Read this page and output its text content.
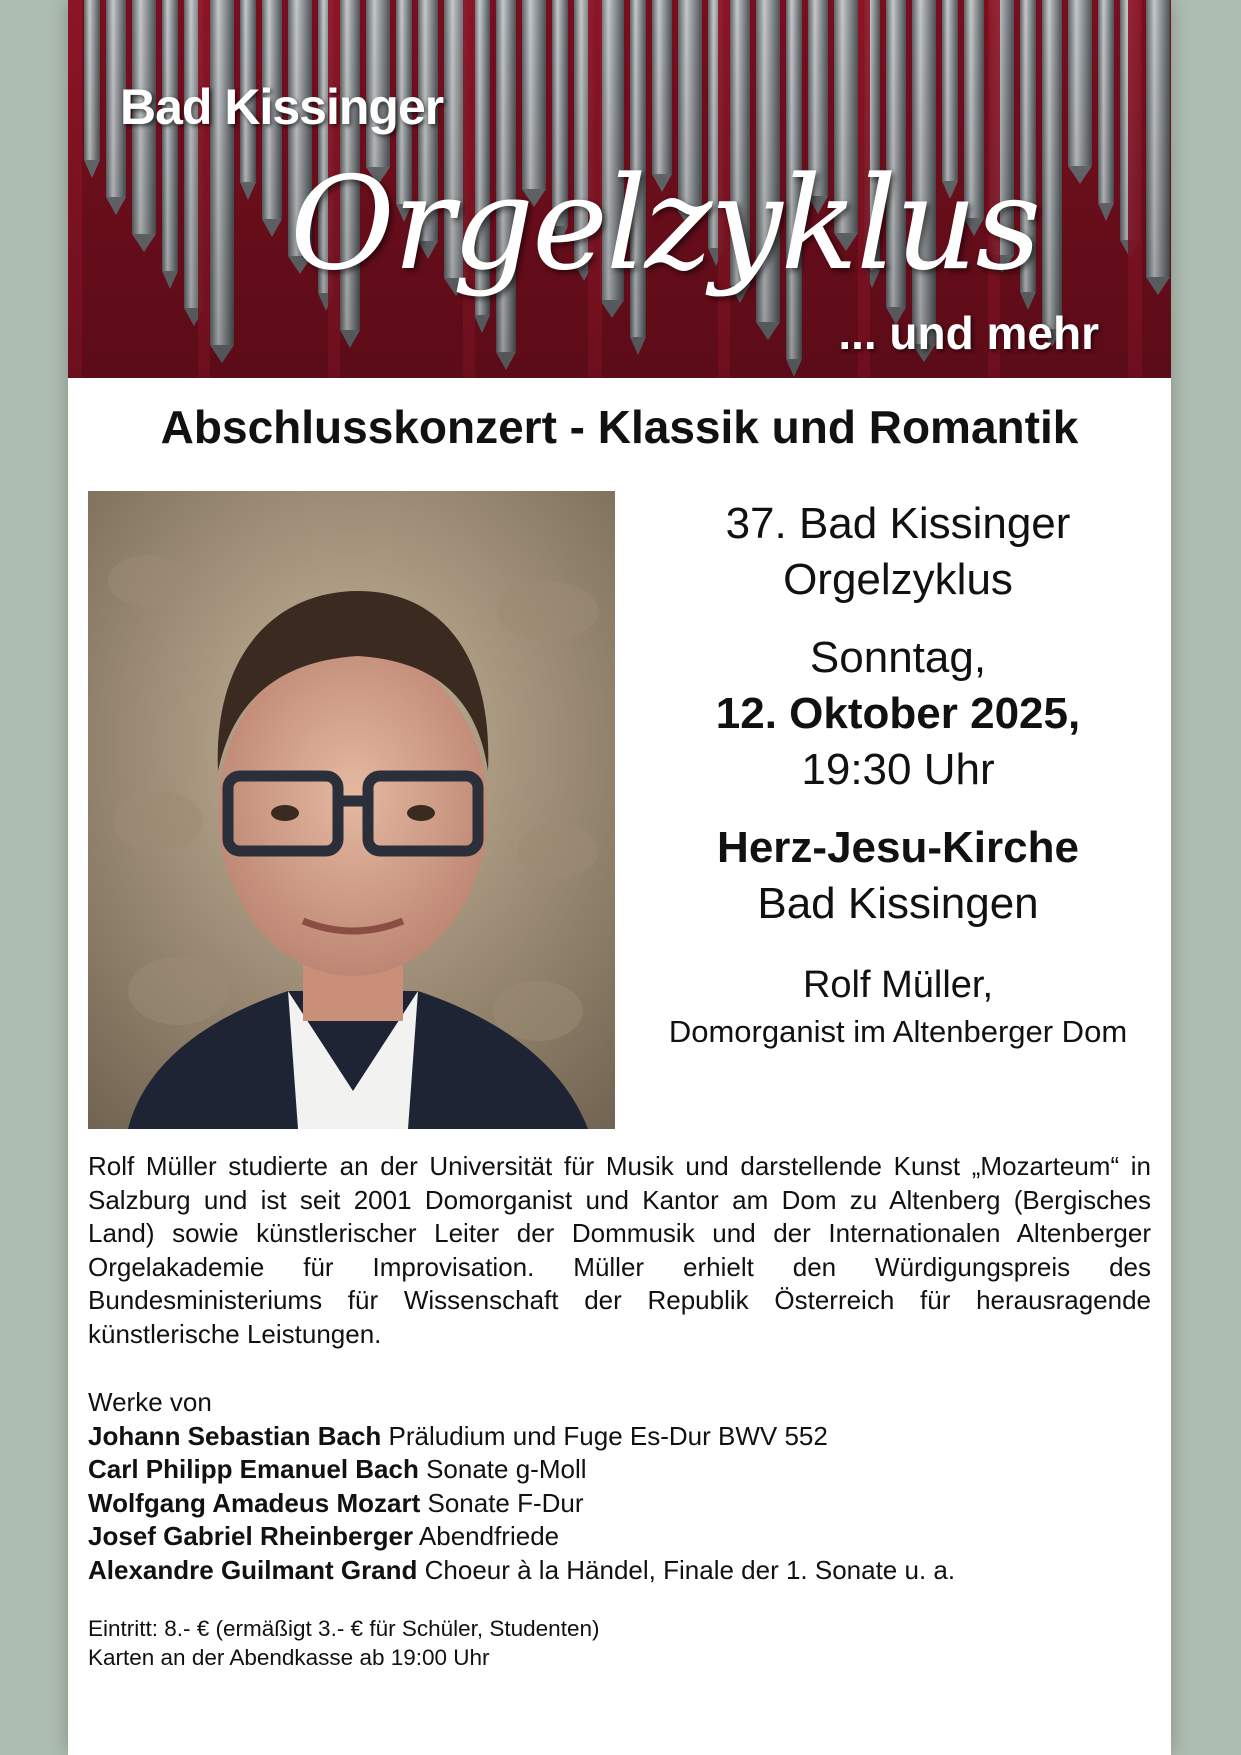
Bad Kissinger
Orgelzyklus
... und mehr
Abschlusskonzert - Klassik und Romantik
37. Bad Kissinger
Orgelzyklus
Sonntag,
12. Oktober 2025,
19:30 Uhr
Herz-Jesu-Kirche
Bad Kissingen
Rolf Müller,
Domorganist im Altenberger Dom
Rolf Müller studierte an der Universität für Musik und darstellende Kunst „Mozarteum“ in Salzburg und ist seit 2001 Domorganist und Kantor am Dom zu Altenberg (Bergisches Land) sowie künstlerischer Leiter der Dommusik und der Internationalen Altenberger Orgelakademie für Improvisation. Müller erhielt den Würdigungspreis des Bundesministeriums für Wissenschaft der Republik Österreich für herausragende künstlerische Leistungen.
Werke von
Johann Sebastian Bach Präludium und Fuge Es-Dur BWV 552
Carl Philipp Emanuel Bach Sonate g-Moll
Wolfgang Amadeus Mozart Sonate F-Dur
Josef Gabriel Rheinberger Abendfriede
Alexandre Guilmant Grand Choeur à la Händel, Finale der 1. Sonate u. a.
Eintritt: 8.- € (ermäßigt 3.- € für Schüler, Studenten)
Karten an der Abendkasse ab 19:00 Uhr
